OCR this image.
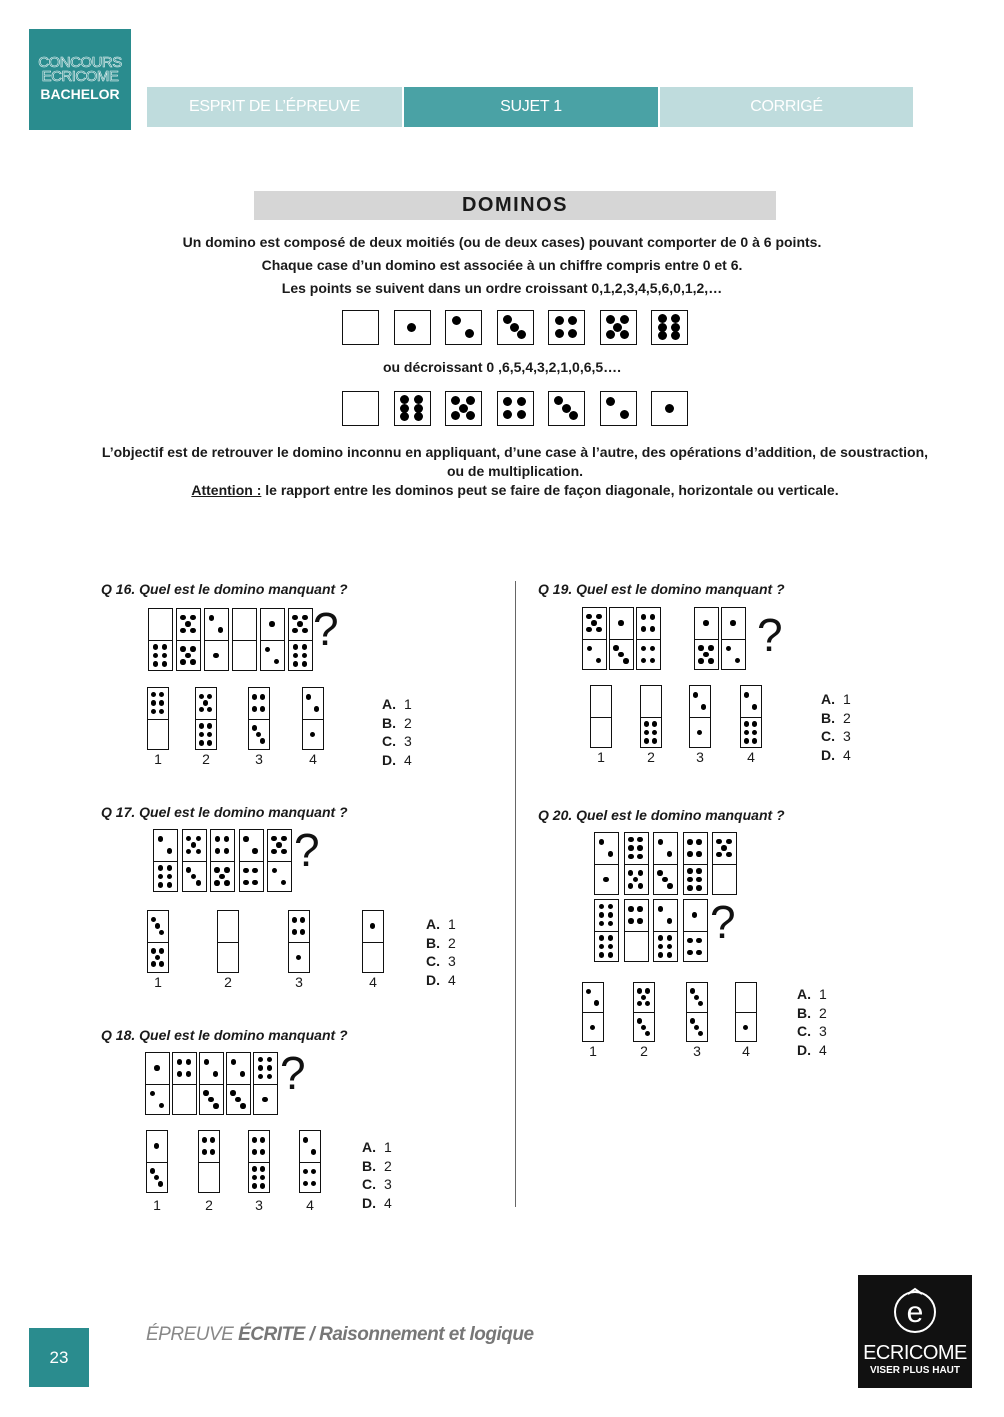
CONCOURS
ECRICOME
BACHELOR
ESPRIT DE L’ÉPREUVE	SUJET 1	CORRIGÉ
DOMINOS
Un domino est composé de deux moitiés (ou de deux cases) pouvant comporter de 0 à 6 points.
Chaque case d’un domino est associée à un chiffre compris entre 0 et 6.
Les points se suivent dans un ordre croissant 0,1,2,3,4,5,6,0,1,2,…
ou décroissant 0 ,6,5,4,3,2,1,0,6,5….
L’objectif est de retrouver le domino inconnu en appliquant, d’une case à l’autre, des opérations d’addition, de soustraction, ou de multiplication.
Attention : le rapport entre les dominos peut se faire de façon diagonale, horizontale ou verticale.
Q 16. Quel est le domino manquant ?
Q 17. Quel est le domino manquant ?
Q 18. Quel est le domino manquant ?
Q 19. Quel est le domino manquant ?
Q 20. Quel est le domino manquant ?
?
1	2	3	4
?
1	2	3	4
?
1	2	3	4
?
1	2	3	4
?
1	2	3	4
A. 1
B. 2
C. 3
D. 4
A. 1
B. 2
C. 3
D. 4
A. 1
B. 2
C. 3
D. 4
A. 1
B. 2
C. 3
D. 4
A. 1
B. 2
C. 3
D. 4
23
ÉPREUVE ÉCRITE / Raisonnement et logique
e
ECRICOME
VISER PLUS HAUT
